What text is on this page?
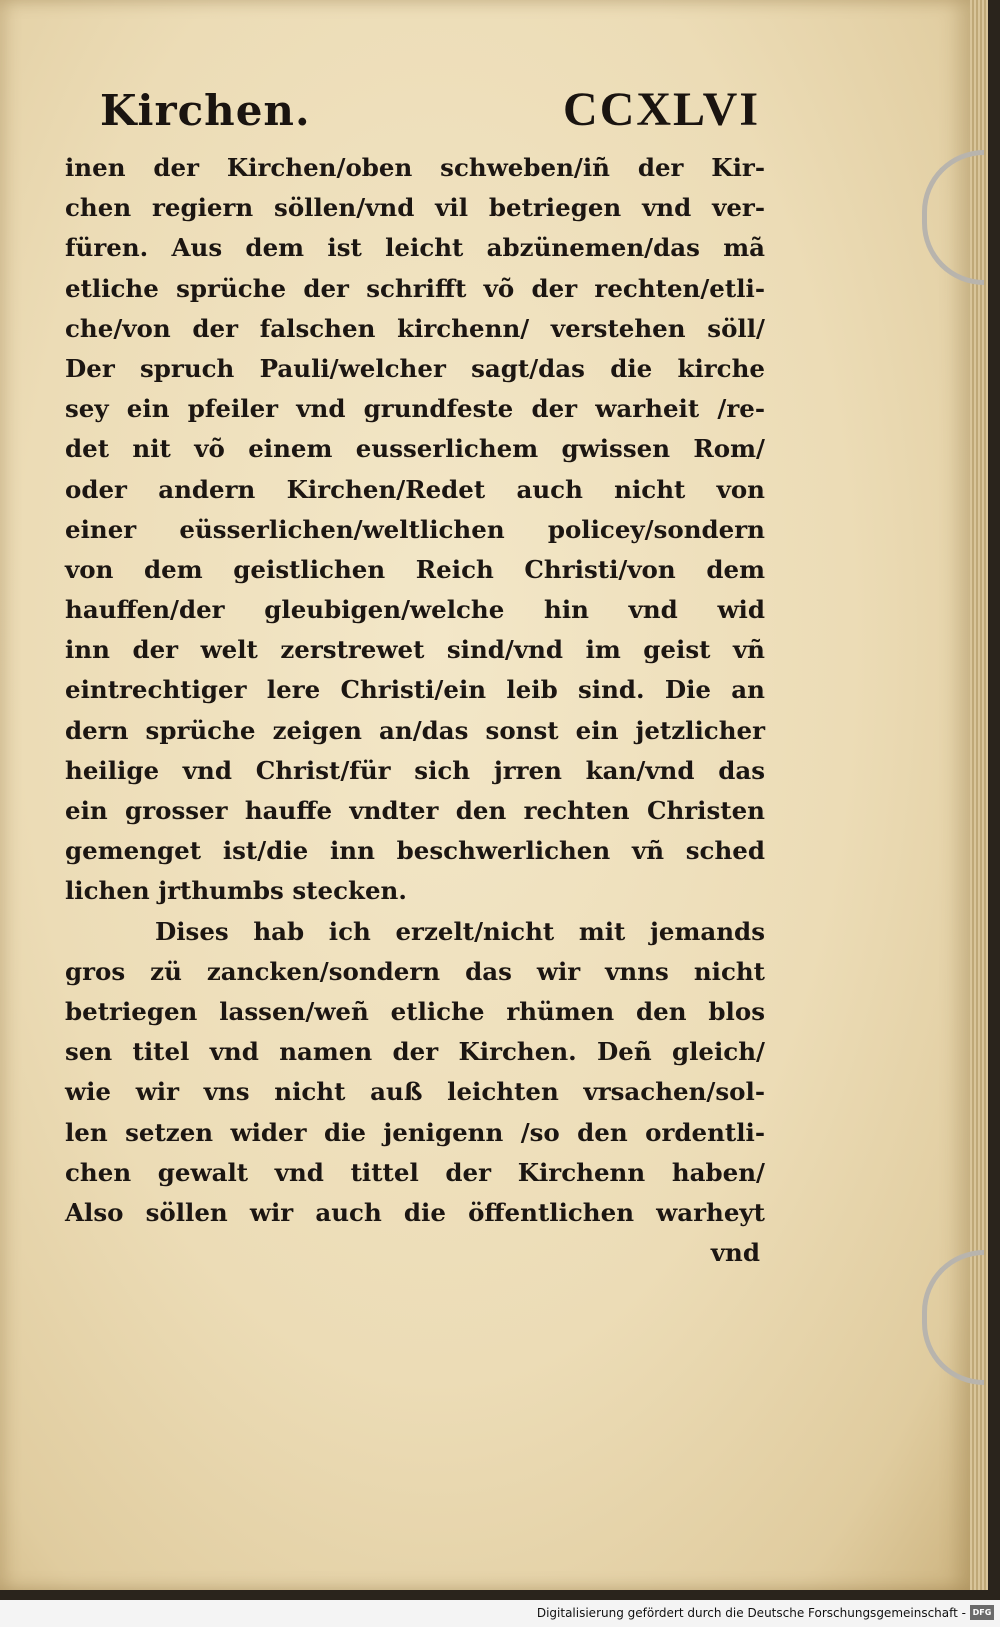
Kirchen.	CCXLVI
inen der Kirchen/oben schweben/iñ der Kir-
chen regiern söllen/vnd vil betriegen vnd ver-
füren. Aus dem ist leicht abzünemen/das mã
etliche sprüche der schrifft võ der rechten/etli-
che/von der falschen kirchenn/ verstehen söll/
Der spruch Pauli/welcher sagt/das die kirche
sey ein pfeiler vnd grundfeste der warheit /re-
det nit võ einem eusserlichem gwissen Rom/
oder andern Kirchen/Redet auch nicht von
einer eüsserlichen/weltlichen policey/sondern
von dem geistlichen Reich Christi/von dem
hauffen/der gleubigen/welche hin vnd wid
inn der welt zerstrewet sind/vnd im geist vñ
eintrechtiger lere Christi/ein leib sind. Die an
dern sprüche zeigen an/das sonst ein jetzlicher
heilige vnd Christ/für sich jrren kan/vnd das
ein grosser hauffe vndter den rechten Christen
gemenget ist/die inn beschwerlichen vñ sched
lichen jrthumbs stecken.
Dises hab ich erzelt/nicht mit jemands
gros zü zancken/sondern das wir vnns nicht
betriegen lassen/weñ etliche rhümen den blos
sen titel vnd namen der Kirchen. Deñ gleich/
wie wir vns nicht auß leichten vrsachen/sol-
len setzen wider die jenigenn /so den ordentli-
chen gewalt vnd tittel der Kirchenn haben/
Also söllen wir auch die öffentlichen warheyt
vnd
Digitalisierung gefördert durch die Deutsche Forschungsgemeinschaft - DFG
